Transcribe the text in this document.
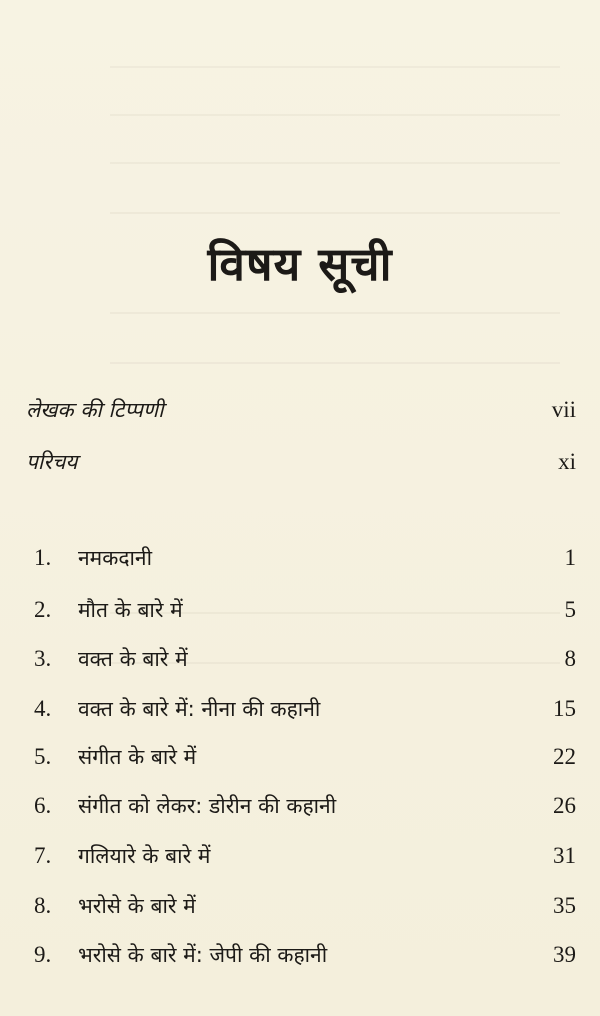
विषय सूची
लेखक की टिप्पणी	vii
परिचय	xi
1.	नमकदानी	1
2.	मौत के बारे में	5
3.	वक्त के बारे में	8
4.	वक्त के बारे में: नीना की कहानी	15
5.	संगीत के बारे में	22
6.	संगीत को लेकर: डोरीन की कहानी	26
7.	गलियारे के बारे में	31
8.	भरोसे के बारे में	35
9.	भरोसे के बारे में: जेपी की कहानी	39
